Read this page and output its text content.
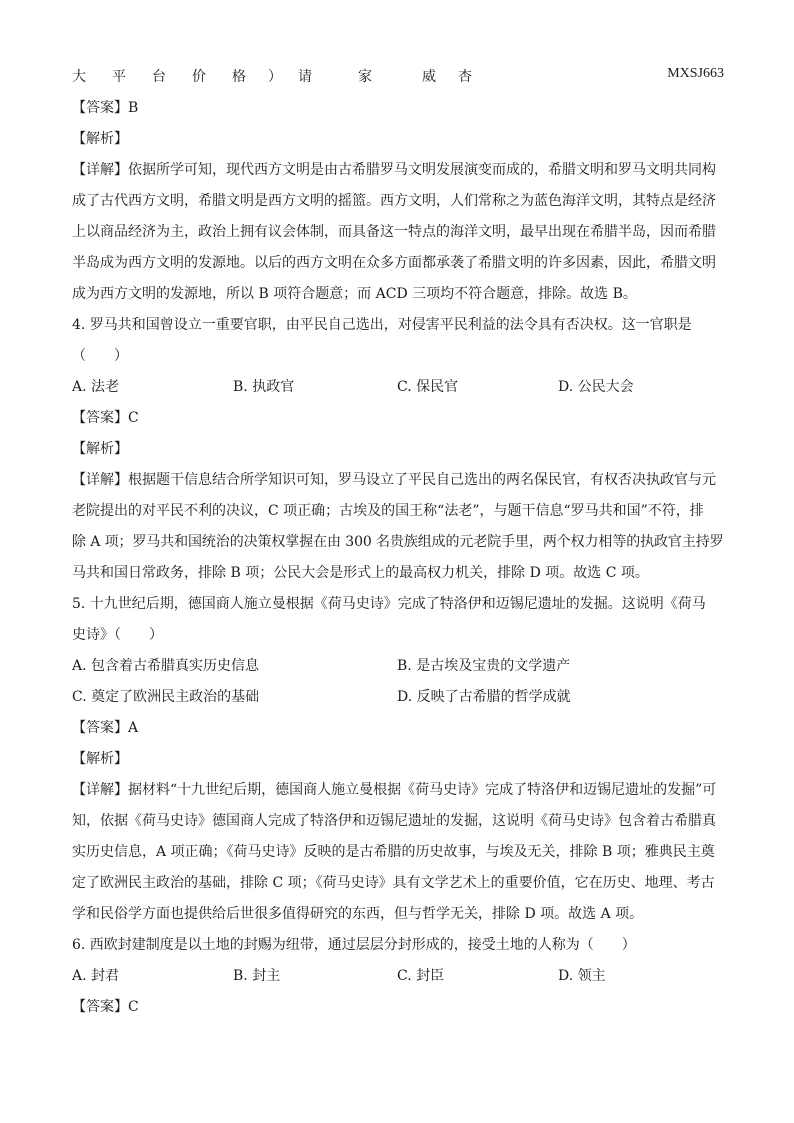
大 平 台 价 格 ） 请	家	威 杏	MXSJ663
【答案】B
【解析】
【详解】依据所学可知，现代西方文明是由古希腊罗马文明发展演变而成的，希腊文明和罗马文明共同构
成了古代西方文明，希腊文明是西方文明的摇篮。西方文明，人们常称之为蓝色海洋文明，其特点是经济
上以商品经济为主，政治上拥有议会体制，而具备这一特点的海洋文明，最早出现在希腊半岛，因而希腊
半岛成为西方文明的发源地。以后的西方文明在众多方面都承袭了希腊文明的许多因素，因此，希腊文明
成为西方文明的发源地，所以 B 项符合题意；而 ACD 三项均不符合题意，排除。故选 B。
4. 罗马共和国曾设立一重要官职，由平民自己选出，对侵害平民利益的法令具有否决权。这一官职是
（　　）
A. 法老	B. 执政官	C. 保民官	D. 公民大会
【答案】C
【解析】
【详解】根据题干信息结合所学知识可知，罗马设立了平民自己选出的两名保民官，有权否决执政官与元
老院提出的对平民不利的决议，C 项正确；古埃及的国王称“法老”，与题干信息“罗马共和国”不符，排
除 A 项；罗马共和国统治的决策权掌握在由 300 名贵族组成的元老院手里，两个权力相等的执政官主持罗
马共和国日常政务，排除 B 项；公民大会是形式上的最高权力机关，排除 D 项。故选 C 项。
5. 十九世纪后期，德国商人施立曼根据《荷马史诗》完成了特洛伊和迈锡尼遗址的发掘。这说明《荷马
史诗》（　　）
A. 包含着古希腊真实历史信息	B. 是古埃及宝贵的文学遗产
C. 奠定了欧洲民主政治的基础	D. 反映了古希腊的哲学成就
【答案】A
【解析】
【详解】据材料“十九世纪后期，德国商人施立曼根据《荷马史诗》完成了特洛伊和迈锡尼遗址的发掘”可
知，依据《荷马史诗》德国商人完成了特洛伊和迈锡尼遗址的发掘，这说明《荷马史诗》包含着古希腊真
实历史信息，A 项正确；《荷马史诗》反映的是古希腊的历史故事，与埃及无关，排除 B 项；雅典民主奠
定了欧洲民主政治的基础，排除 C 项；《荷马史诗》具有文学艺术上的重要价值，它在历史、地理、考古
学和民俗学方面也提供给后世很多值得研究的东西，但与哲学无关，排除 D 项。故选 A 项。
6. 西欧封建制度是以土地的封赐为纽带，通过层层分封形成的，接受土地的人称为（　　）
A. 封君	B. 封主	C. 封臣	D. 领主
【答案】C
